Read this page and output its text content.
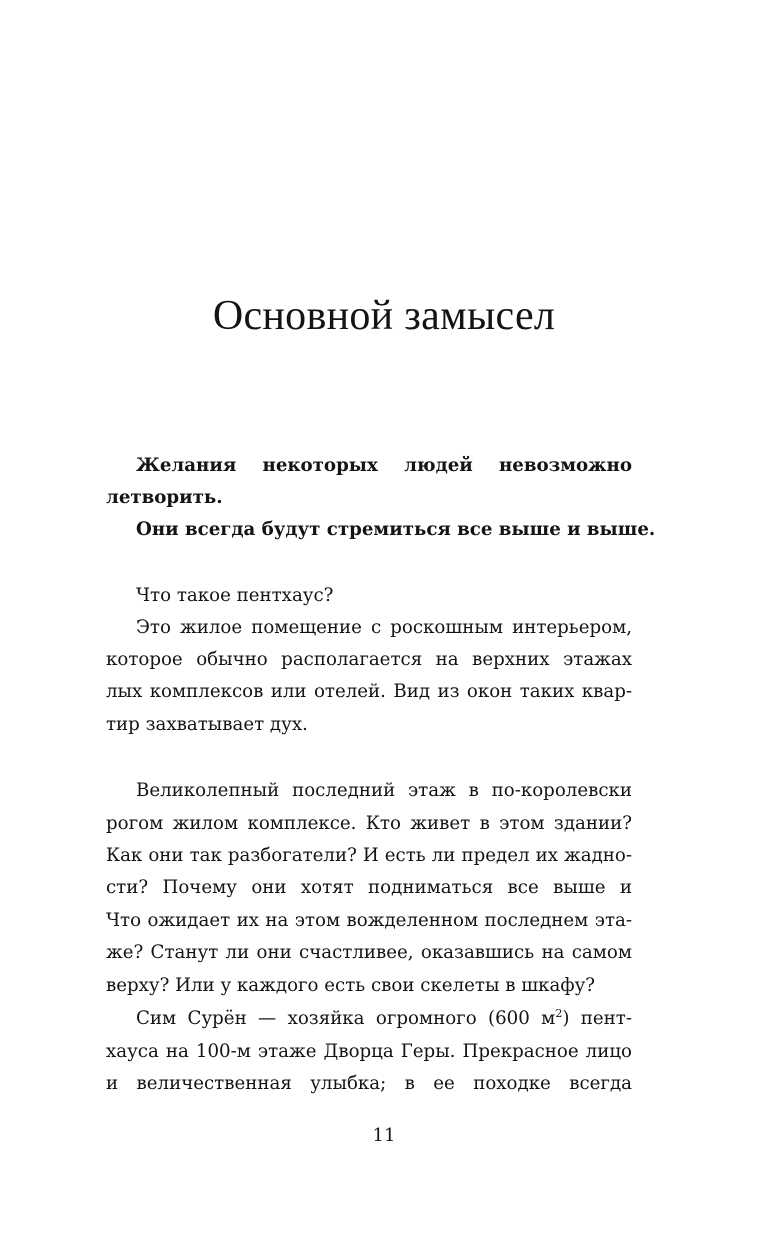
Основной замысел
Желания некоторых людей невозможно
летворить.
Они всегда будут стремиться все выше и выше.
Что такое пентхаус?
Это жилое помещение с роскошным интерьером,
которое обычно располагается на верхних этажах
лых комплексов или отелей. Вид из окон таких квар-
тир захватывает дух.
Великолепный последний этаж в по-королевски
рогом жилом комплексе. Кто живет в этом здании?
Как они так разбогатели? И есть ли предел их жадно-
сти? Почему они хотят подниматься все выше и
Что ожидает их на этом вожделенном последнем эта-
же? Станут ли они счастливее, оказавшись на самом
верху? Или у каждого есть свои скелеты в шкафу?
Сим Сурён — хозяйка огромного (600 $м^2$) пент-
хауса на 100-м этаже Дворца Геры. Прекрасное лицо
и величественная улыбка; в ее походке всегда
11
